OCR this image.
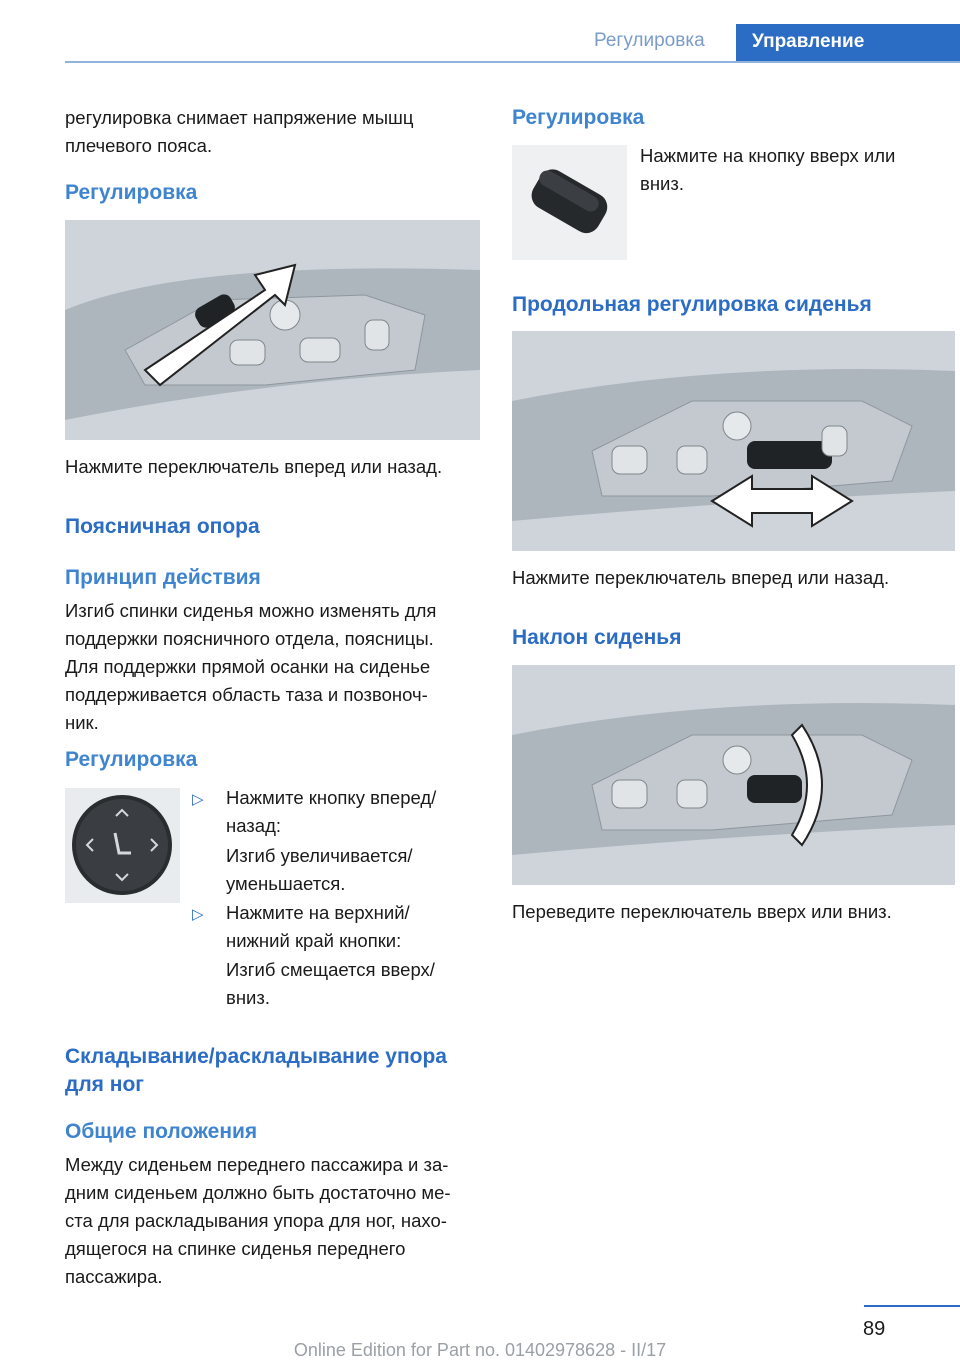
Регулировка Управление

регулировка снимает напряжение мышц

плечевого пояса.

Регулировка

Нажмите переключатель вперед или назад.

Поясничная опора
Принцип действия

Изгиб спинки сиденья можно изменять для

поддержки поясничного отдела, поясницы.

Для поддержки прямой осанки на сиденье

поддерживается область таза и позвоноч-

ник.

Регулировка
▷ Нажмите кнопку вперед/

назад:

Изгиб увеличивается/

уменьшается.

▷ Нажмите на верхний/

нижний край кнопки:

Изгиб смещается вверх/

вниз.

Складывание/раскладывание упора
для ног
Общие положения

Между сиденьем переднего пассажира и за-

дним сиденьем должно быть достаточно ме-

ста для раскладывания упора для ног, нахо-

дящегося на спинке сиденья переднего

пассажира.

Регулировка

Нажмите на кнопку вверх или

вниз.

Продольная регулировка сиденья

Нажмите переключатель вперед или назад.

Наклон сиденья

Переведите переключатель вверх или вниз.

89
Online Edition for Part no. 01402978628 - II/17
